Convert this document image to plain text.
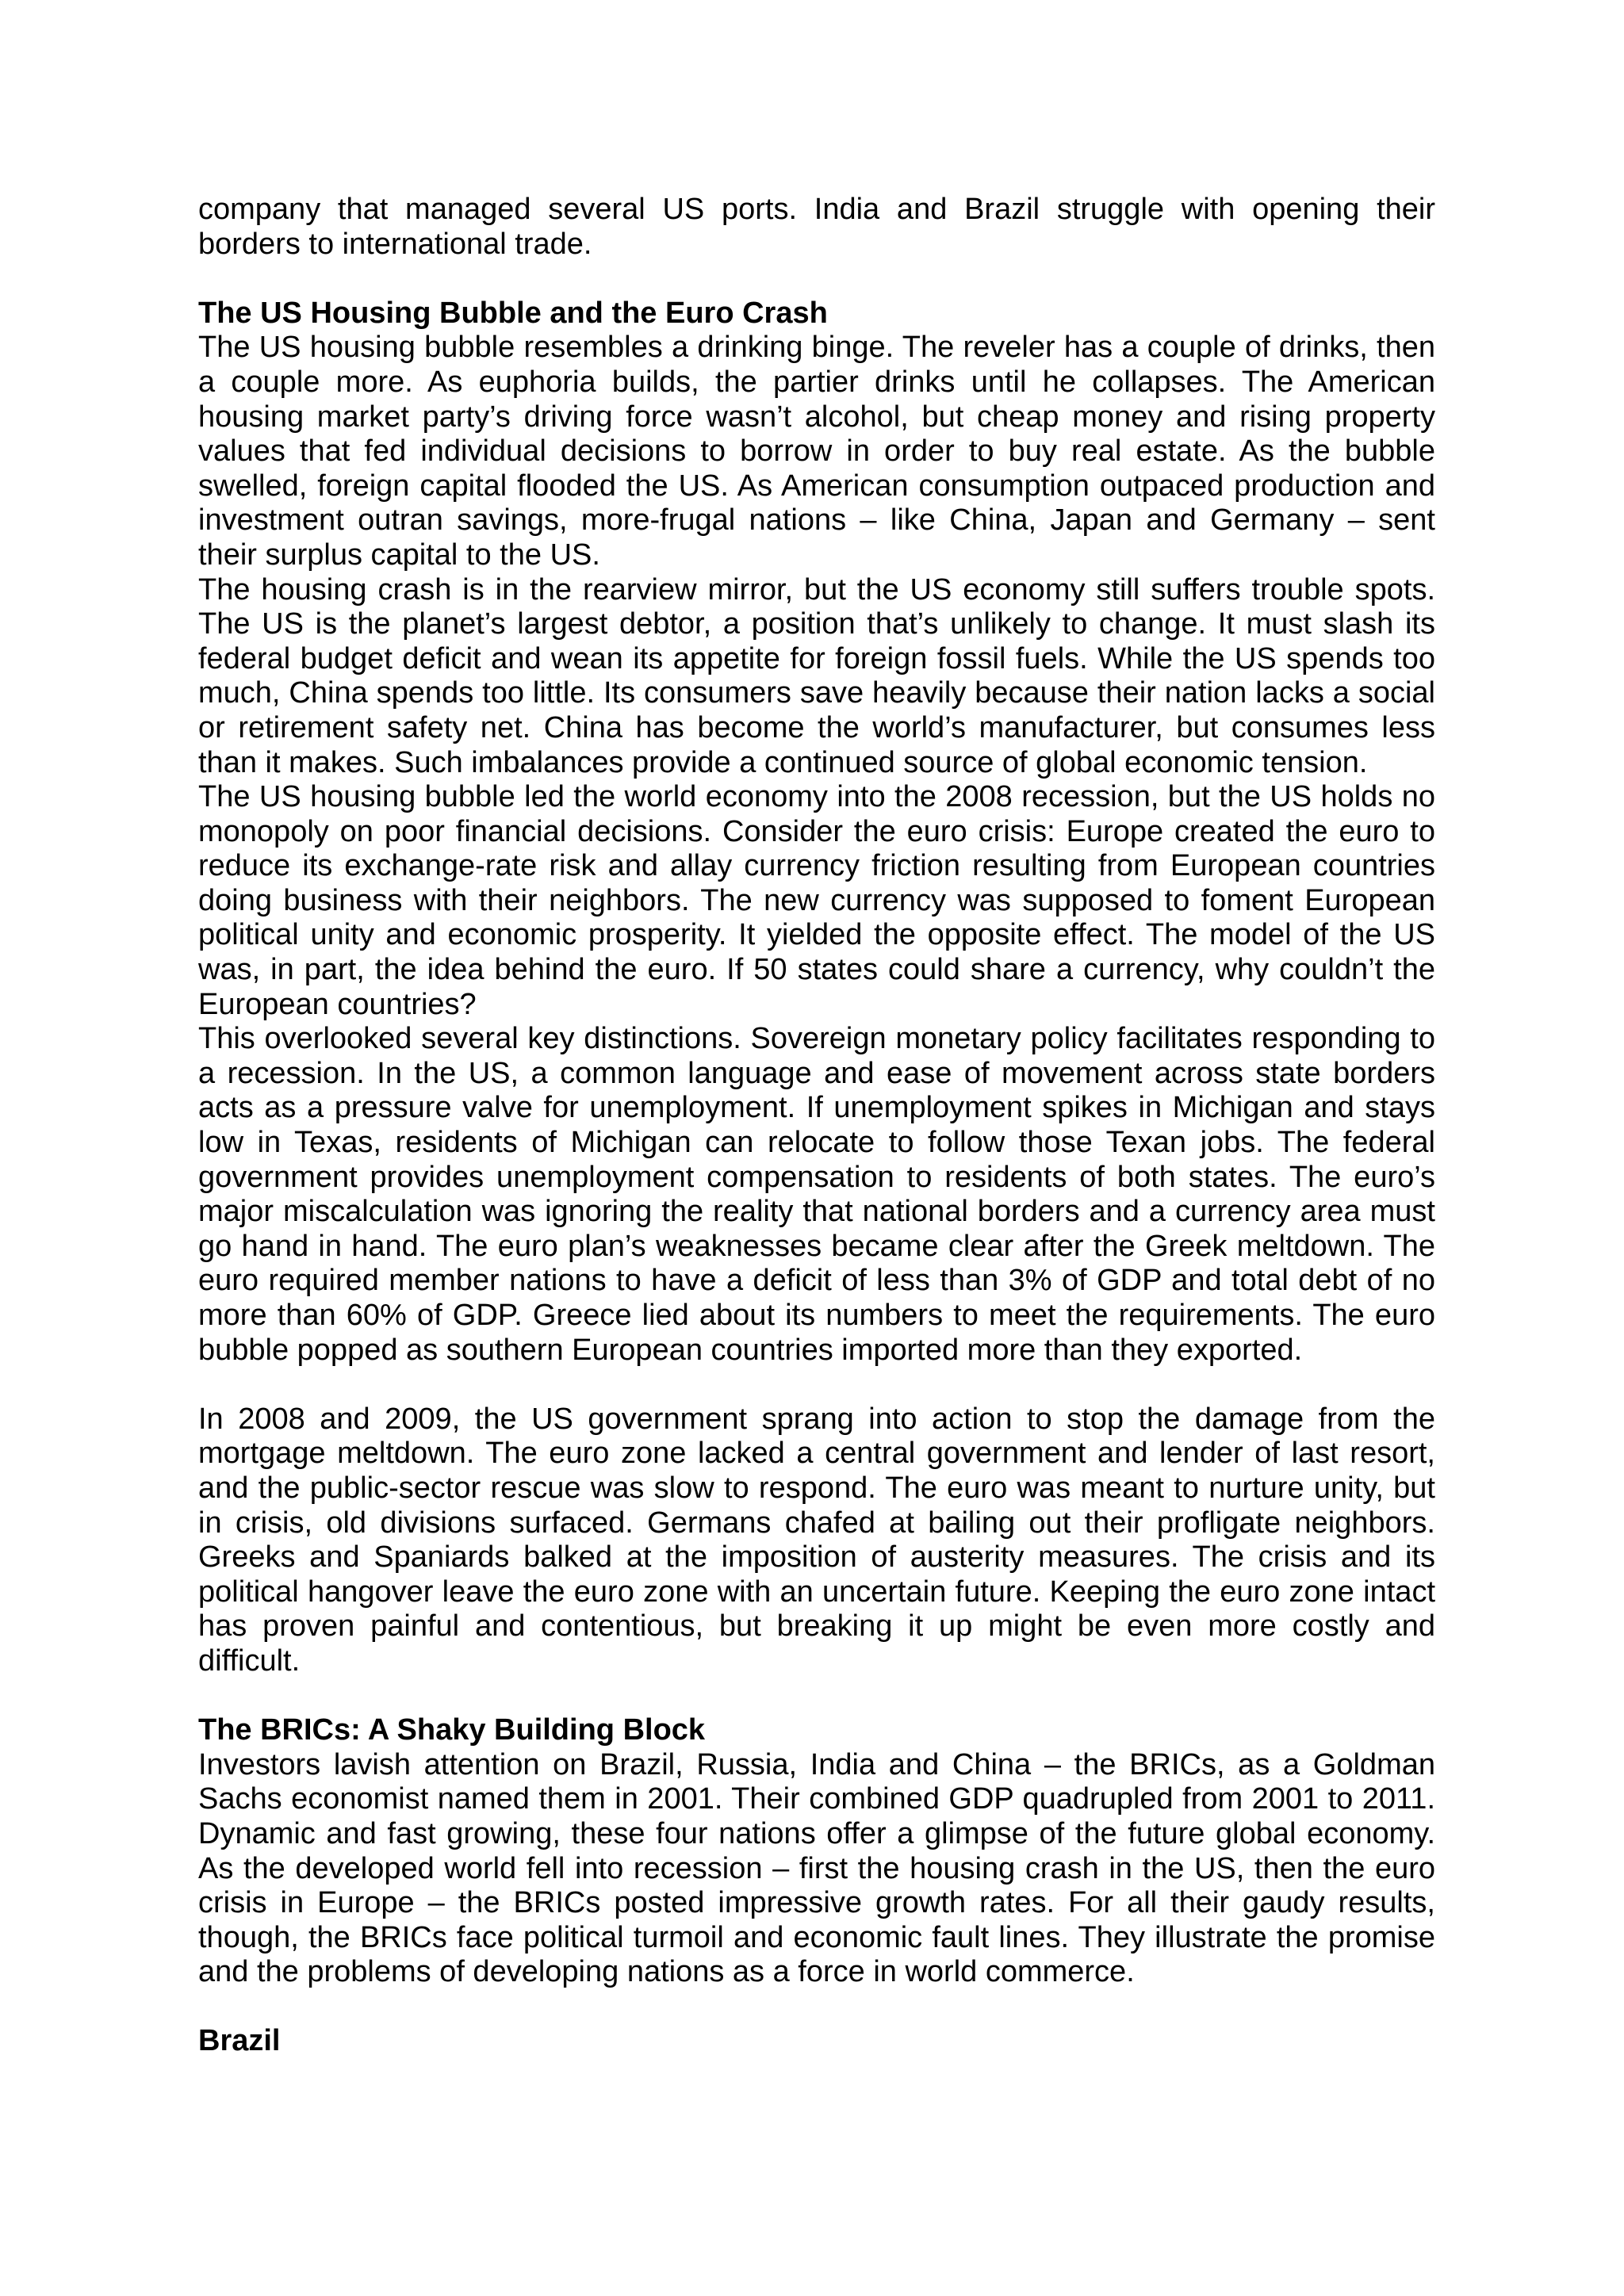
company that managed several US ports. India and Brazil struggle with opening their borders to international trade.

The US Housing Bubble and the Euro Crash

The US housing bubble resembles a drinking binge. The reveler has a couple of drinks, then a couple more. As euphoria builds, the partier drinks until he collapses. The American housing market party’s driving force wasn’t alcohol, but cheap money and rising property values that fed individual decisions to borrow in order to buy real estate. As the bubble swelled, foreign capital flooded the US. As American consumption outpaced production and investment outran savings, more-frugal nations – like China, Japan and Germany – sent their surplus capital to the US.

The housing crash is in the rearview mirror, but the US economy still suffers trouble spots. The US is the planet’s largest debtor, a position that’s unlikely to change. It must slash its federal budget deficit and wean its appetite for foreign fossil fuels. While the US spends too much, China spends too little. Its consumers save heavily because their nation lacks a social or retirement safety net. China has become the world’s manufacturer, but consumes less than it makes. Such imbalances provide a continued source of global economic tension.

The US housing bubble led the world economy into the 2008 recession, but the US holds no monopoly on poor financial decisions. Consider the euro crisis: Europe created the euro to reduce its exchange-rate risk and allay currency friction resulting from European countries doing business with their neighbors. The new currency was supposed to foment European political unity and economic prosperity. It yielded the opposite effect. The model of the US was, in part, the idea behind the euro. If 50 states could share a currency, why couldn’t the European countries?

This overlooked several key distinctions. Sovereign monetary policy facilitates responding to a recession. In the US, a common language and ease of movement across state borders acts as a pressure valve for unemployment. If unemployment spikes in Michigan and stays low in Texas, residents of Michigan can relocate to follow those Texan jobs. The federal government provides unemployment compensation to residents of both states. The euro’s major miscalculation was ignoring the reality that national borders and a currency area must go hand in hand. The euro plan’s weaknesses became clear after the Greek meltdown. The euro required member nations to have a deficit of less than 3% of GDP and total debt of no more than 60% of GDP. Greece lied about its numbers to meet the requirements. The euro bubble popped as southern European countries imported more than they exported.

In 2008 and 2009, the US government sprang into action to stop the damage from the mortgage meltdown. The euro zone lacked a central government and lender of last resort, and the public-sector rescue was slow to respond. The euro was meant to nurture unity, but in crisis, old divisions surfaced. Germans chafed at bailing out their profligate neighbors. Greeks and Spaniards balked at the imposition of austerity measures. The crisis and its political hangover leave the euro zone with an uncertain future. Keeping the euro zone intact has proven painful and contentious, but breaking it up might be even more costly and difficult.

The BRICs: A Shaky Building Block

Investors lavish attention on Brazil, Russia, India and China – the BRICs, as a Goldman Sachs economist named them in 2001. Their combined GDP quadrupled from 2001 to 2011. Dynamic and fast growing, these four nations offer a glimpse of the future global economy. As the developed world fell into recession – first the housing crash in the US, then the euro crisis in Europe – the BRICs posted impressive growth rates. For all their gaudy results, though, the BRICs face political turmoil and economic fault lines. They illustrate the promise and the problems of developing nations as a force in world commerce.

Brazil
